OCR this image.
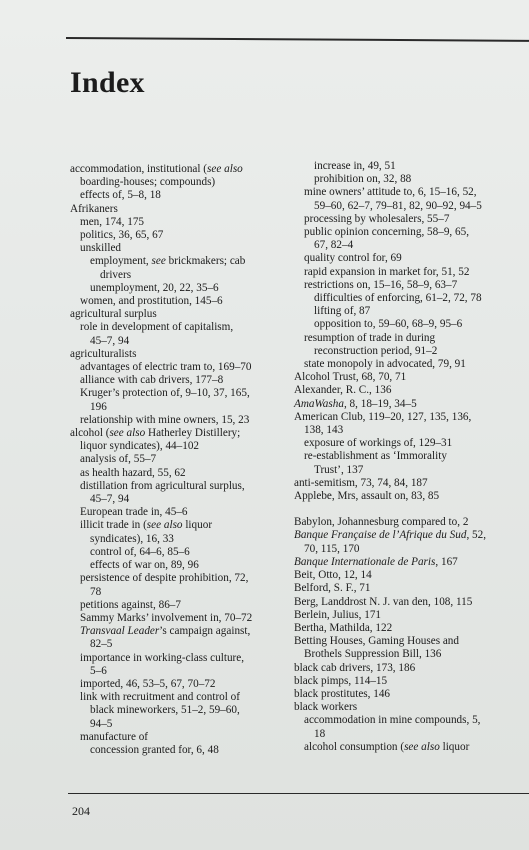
Index
accommodation, institutional (see also
boarding-houses; compounds)
effects of, 5–8, 18
Afrikaners
men, 174, 175
politics, 36, 65, 67
unskilled
employment, see brickmakers; cab
drivers
unemployment, 20, 22, 35–6
women, and prostitution, 145–6
agricultural surplus
role in development of capitalism,
45–7, 94
agriculturalists
advantages of electric tram to, 169–70
alliance with cab drivers, 177–8
Kruger’s protection of, 9–10, 37, 165,
196
relationship with mine owners, 15, 23
alcohol (see also Hatherley Distillery;
liquor syndicates), 44–102
analysis of, 55–7
as health hazard, 55, 62
distillation from agricultural surplus,
45–7, 94
European trade in, 45–6
illicit trade in (see also liquor
syndicates), 16, 33
control of, 64–6, 85–6
effects of war on, 89, 96
persistence of despite prohibition, 72,
78
petitions against, 86–7
Sammy Marks’ involvement in, 70–72
Transvaal Leader’s campaign against,
82–5
importance in working-class culture,
5–6
imported, 46, 53–5, 67, 70–72
link with recruitment and control of
black mineworkers, 51–2, 59–60,
94–5
manufacture of
concession granted for, 6, 48
increase in, 49, 51
prohibition on, 32, 88
mine owners’ attitude to, 6, 15–16, 52,
59–60, 62–7, 79–81, 82, 90–92, 94–5
processing by wholesalers, 55–7
public opinion concerning, 58–9, 65,
67, 82–4
quality control for, 69
rapid expansion in market for, 51, 52
restrictions on, 15–16, 58–9, 63–7
difficulties of enforcing, 61–2, 72, 78
lifting of, 87
opposition to, 59–60, 68–9, 95–6
resumption of trade in during
reconstruction period, 91–2
state monopoly in advocated, 79, 91
Alcohol Trust, 68, 70, 71
Alexander, R. C., 136
AmaWasha, 8, 18–19, 34–5
American Club, 119–20, 127, 135, 136,
138, 143
exposure of workings of, 129–31
re-establishment as ‘Immorality
Trust’, 137
anti-semitism, 73, 74, 84, 187
Applebe, Mrs, assault on, 83, 85
Babylon, Johannesburg compared to, 2
Banque Française de l’Afrique du Sud, 52,
70, 115, 170
Banque Internationale de Paris, 167
Beit, Otto, 12, 14
Belford, S. F., 71
Berg, Landdrost N. J. van den, 108, 115
Berlein, Julius, 171
Bertha, Mathilda, 122
Betting Houses, Gaming Houses and
Brothels Suppression Bill, 136
black cab drivers, 173, 186
black pimps, 114–15
black prostitutes, 146
black workers
accommodation in mine compounds, 5,
18
alcohol consumption (see also liquor
204
